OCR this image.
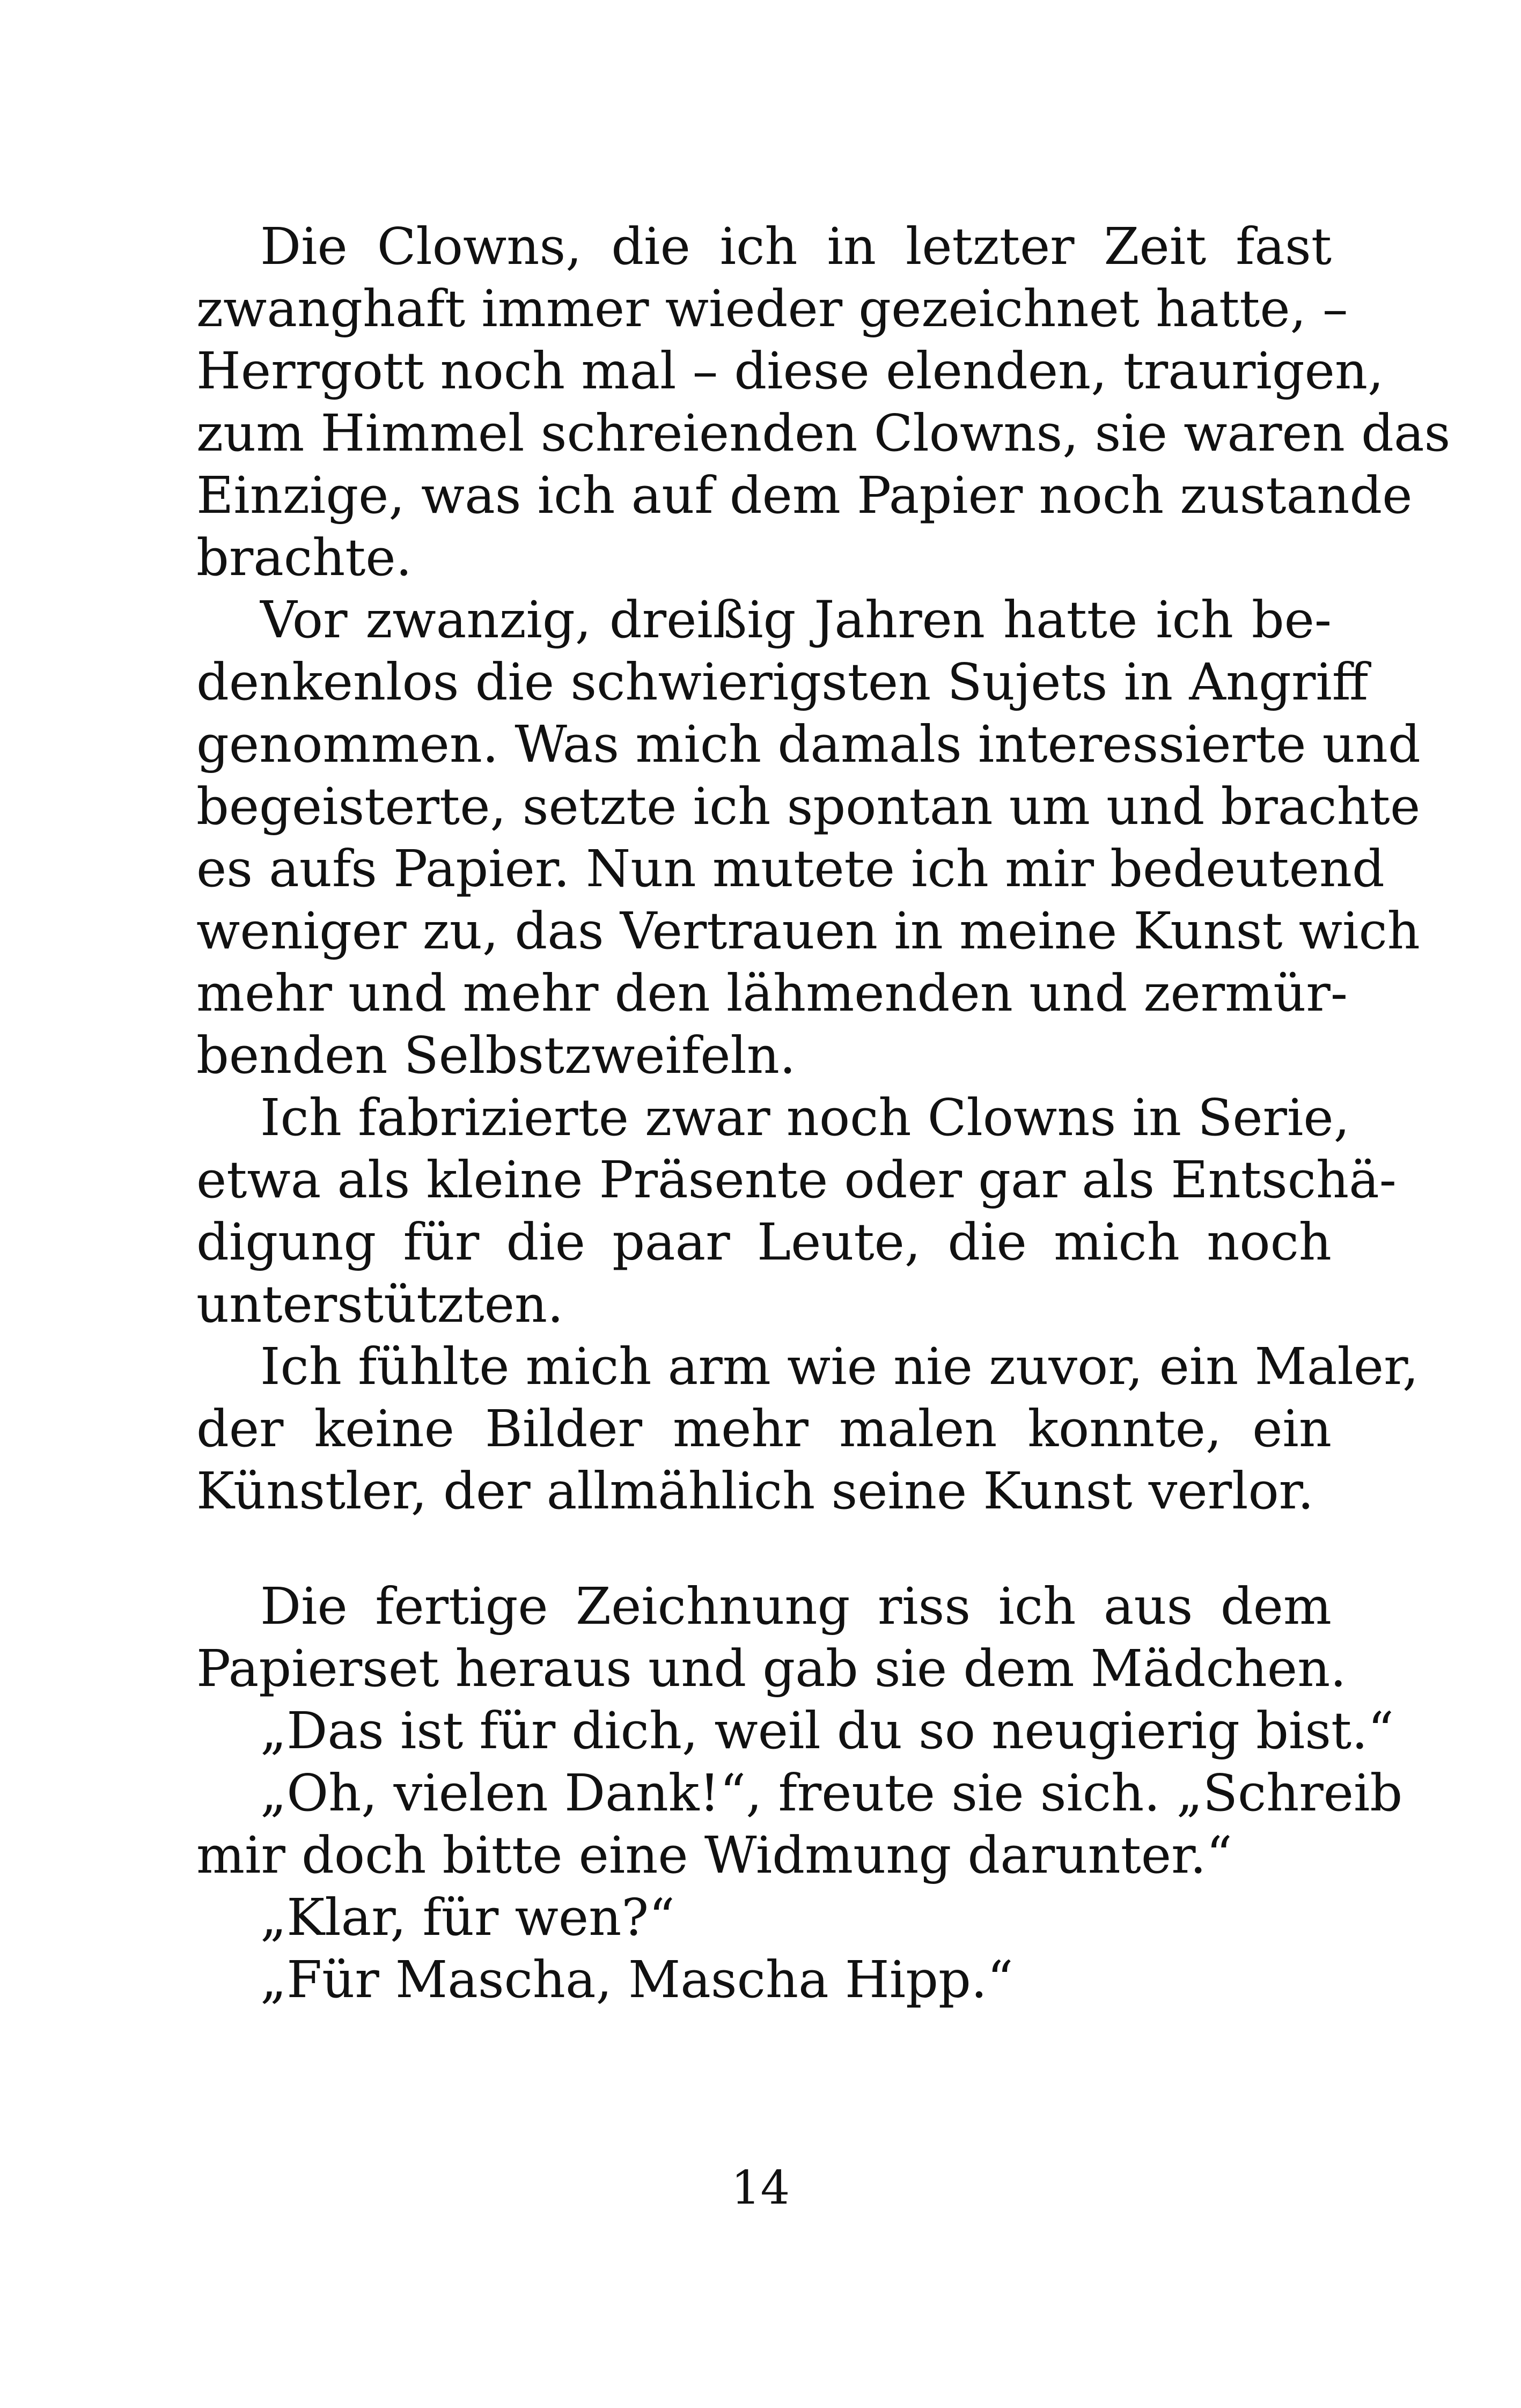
Die Clowns, die ich in letzter Zeit fast
zwanghaft immer wieder gezeichnet hatte, –
Herrgott noch mal – diese elenden, traurigen,
zum Himmel schreienden Clowns, sie waren das
Einzige, was ich auf dem Papier noch zustande
brachte.
Vor zwanzig, dreißig Jahren hatte ich be-
denkenlos die schwierigsten Sujets in Angriff
genommen. Was mich damals interessierte und
begeisterte, setzte ich spontan um und brachte
es aufs Papier. Nun mutete ich mir bedeutend
weniger zu, das Vertrauen in meine Kunst wich
mehr und mehr den lähmenden und zermür-
benden Selbstzweifeln.
Ich fabrizierte zwar noch Clowns in Serie,
etwa als kleine Präsente oder gar als Entschä-
digung für die paar Leute, die mich noch
unterstützten.
Ich fühlte mich arm wie nie zuvor, ein Maler,
der keine Bilder mehr malen konnte, ein
Künstler, der allmählich seine Kunst verlor.
Die fertige Zeichnung riss ich aus dem
Papierset heraus und gab sie dem Mädchen.
„Das ist für dich, weil du so neugierig bist.“
„Oh, vielen Dank!“, freute sie sich. „Schreib
mir doch bitte eine Widmung darunter.“
„Klar, für wen?“
„Für Mascha, Mascha Hipp.“
14
